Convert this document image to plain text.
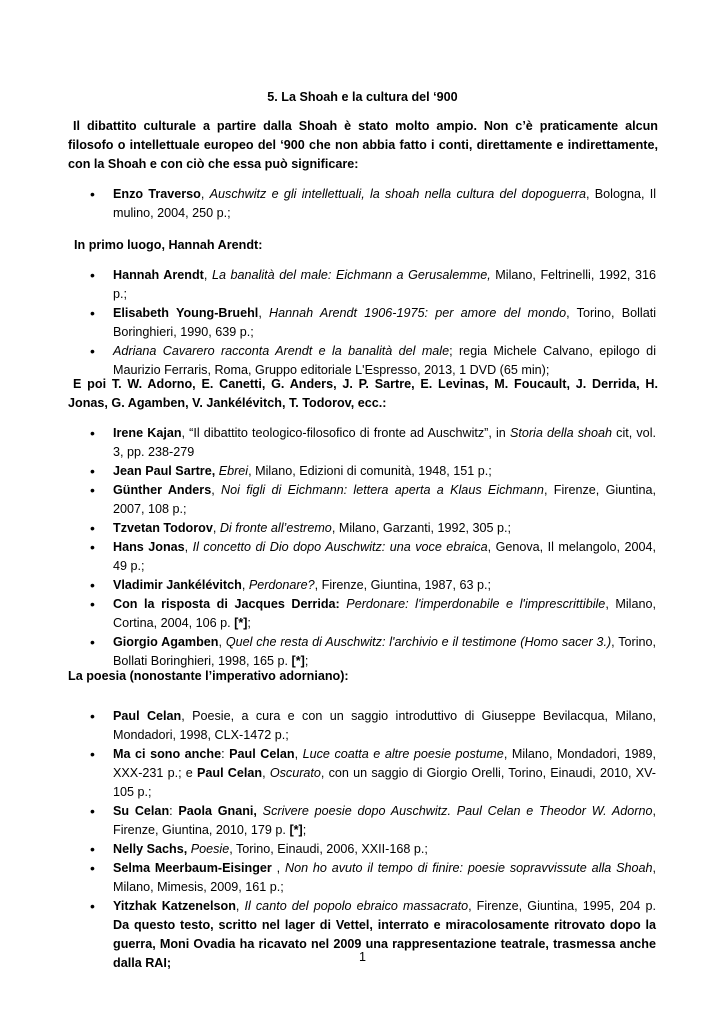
5. La Shoah e la cultura del ‘900
Il dibattito culturale a partire dalla Shoah è stato molto ampio. Non c’è praticamente alcun filosofo o intellettuale europeo del ‘900 che non abbia fatto i conti, direttamente e indirettamente, con la Shoah e con ciò che essa può significare:
• Enzo Traverso, Auschwitz e gli intellettuali, la shoah nella cultura del dopoguerra, Bologna, Il mulino, 2004, 250 p.;
In primo luogo, Hannah Arendt:
• Hannah Arendt, La banalità del male: Eichmann a Gerusalemme, Milano, Feltrinelli, 1992, 316 p.;
• Elisabeth Young-Bruehl, Hannah Arendt 1906-1975: per amore del mondo, Torino, Bollati Boringhieri, 1990, 639 p.;
• Adriana Cavarero racconta Arendt e la banalità del male; regia Michele Calvano, epilogo di Maurizio Ferraris, Roma, Gruppo editoriale L'Espresso, 2013, 1 DVD (65 min);
E poi T. W. Adorno, E. Canetti, G. Anders, J. P. Sartre, E. Levinas, M. Foucault, J. Derrida, H. Jonas, G. Agamben, V. Jankélévitch, T. Todorov, ecc.:
• Irene Kajan, “Il dibattito teologico-filosofico di fronte ad Auschwitz”, in Storia della shoah cit, vol. 3, pp. 238-279
• Jean Paul Sartre, Ebrei, Milano, Edizioni di comunità, 1948, 151 p.;
• Günther Anders, Noi figli di Eichmann: lettera aperta a Klaus Eichmann, Firenze, Giuntina, 2007, 108 p.;
• Tzvetan Todorov, Di fronte all’estremo, Milano, Garzanti, 1992, 305 p.;
• Hans Jonas, Il concetto di Dio dopo Auschwitz: una voce ebraica, Genova, Il melangolo, 2004, 49 p.;
• Vladimir Jankélévitch, Perdonare?, Firenze, Giuntina, 1987, 63 p.;
• Con la risposta di Jacques Derrida: Perdonare: l'imperdonabile e l'imprescrittibile, Milano, Cortina, 2004, 106 p. [*];
• Giorgio Agamben, Quel che resta di Auschwitz: l'archivio e il testimone (Homo sacer 3.), Torino, Bollati Boringhieri, 1998, 165 p. [*];
La poesia (nonostante l’imperativo adorniano):
• Paul Celan, Poesie, a cura e con un saggio introduttivo di Giuseppe Bevilacqua, Milano, Mondadori, 1998, CLX-1472 p.;
• Ma ci sono anche: Paul Celan, Luce coatta e altre poesie postume, Milano, Mondadori, 1989, XXX-231 p.; e Paul Celan, Oscurato, con un saggio di Giorgio Orelli, Torino, Einaudi, 2010, XV-105 p.;
• Su Celan: Paola Gnani, Scrivere poesie dopo Auschwitz. Paul Celan e Theodor W. Adorno, Firenze, Giuntina, 2010, 179 p. [*];
• Nelly Sachs, Poesie, Torino, Einaudi, 2006, XXII-168 p.;
• Selma Meerbaum-Eisinger , Non ho avuto il tempo di finire: poesie sopravvissute alla Shoah, Milano, Mimesis, 2009, 161 p.;
• Yitzhak Katzenelson, Il canto del popolo ebraico massacrato, Firenze, Giuntina, 1995, 204 p. Da questo testo, scritto nel lager di Vettel, interrato e miracolosamente ritrovato dopo la guerra, Moni Ovadia ha ricavato nel 2009 una rappresentazione teatrale, trasmessa anche dalla RAI;	1
